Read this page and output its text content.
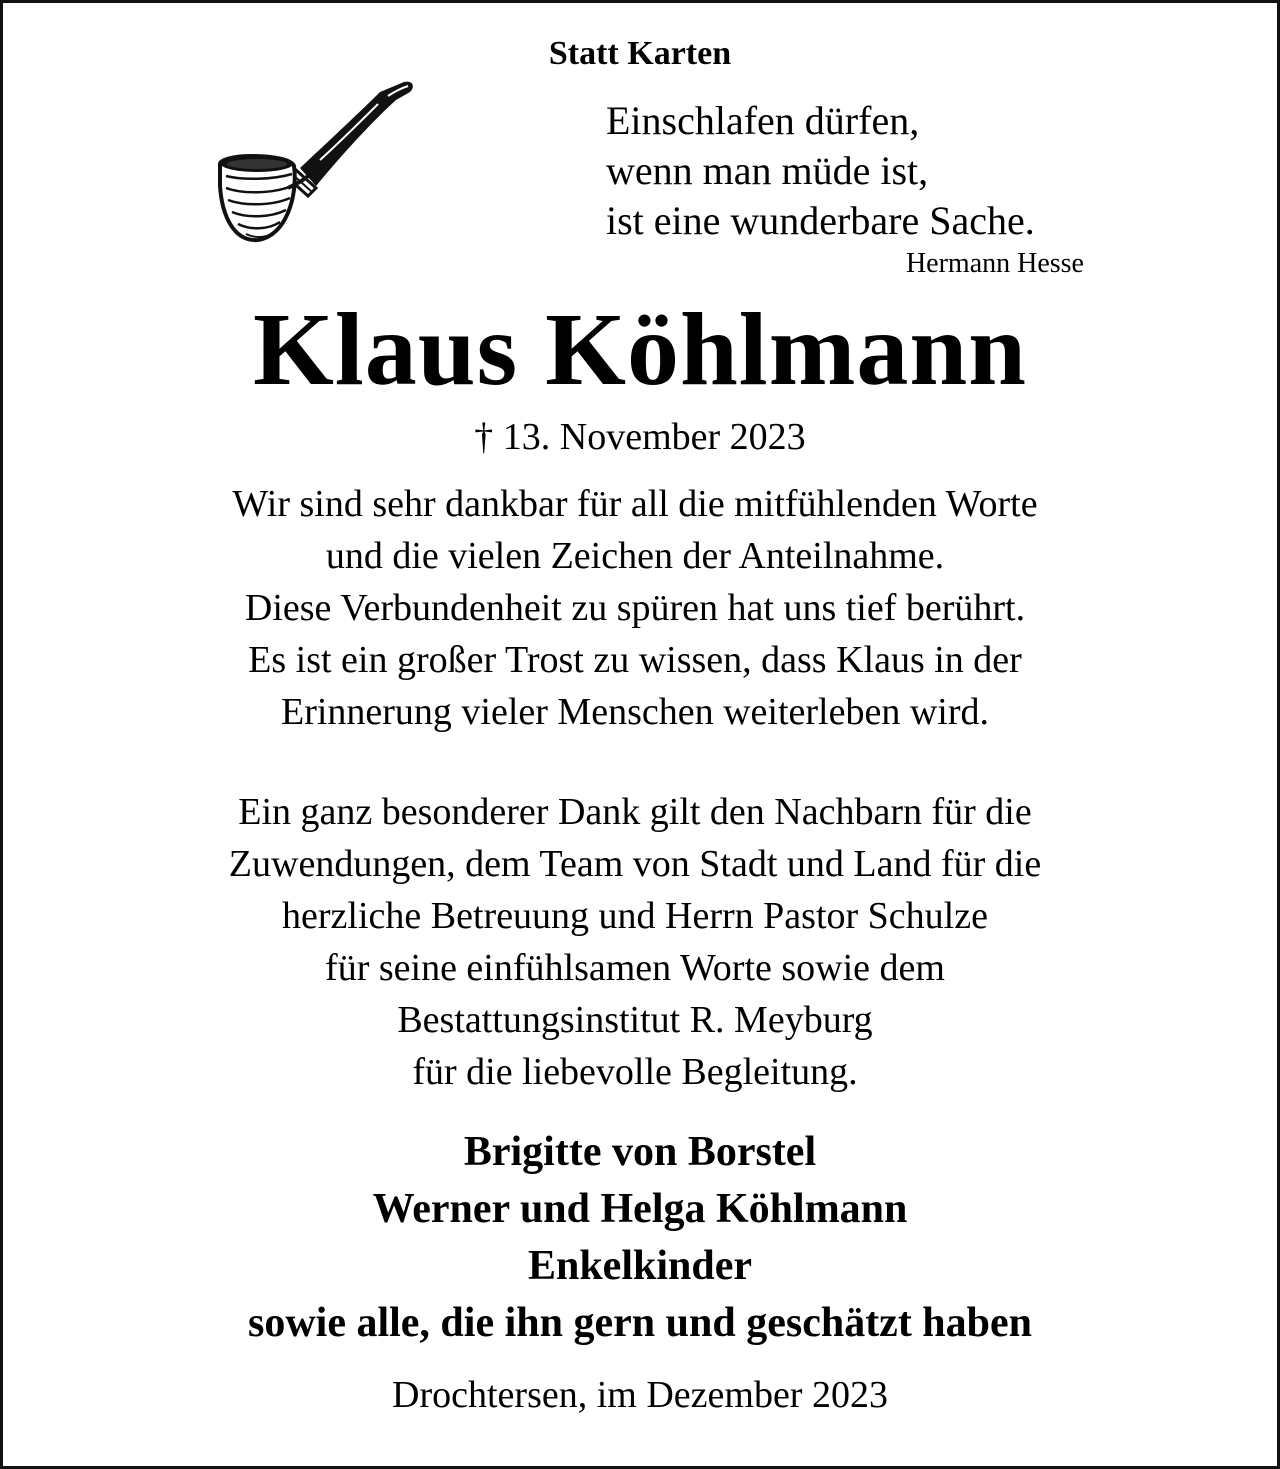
Statt Karten
Einschlafen dürfen,
wenn man müde ist,
ist eine wunderbare Sache.
Hermann Hesse
Klaus Köhlmann
† 13. November 2023
Wir sind sehr dankbar für all die mitfühlenden Worte
und die vielen Zeichen der Anteilnahme.
Diese Verbundenheit zu spüren hat uns tief berührt.
Es ist ein großer Trost zu wissen, dass Klaus in der
Erinnerung vieler Menschen weiterleben wird.
Ein ganz besonderer Dank gilt den Nachbarn für die
Zuwendungen, dem Team von Stadt und Land für die
herzliche Betreuung und Herrn Pastor Schulze
für seine einfühlsamen Worte sowie dem
Bestattungsinstitut R. Meyburg
für die liebevolle Begleitung.
Brigitte von Borstel
Werner und Helga Köhlmann
Enkelkinder
sowie alle, die ihn gern und geschätzt haben
Drochtersen, im Dezember 2023
